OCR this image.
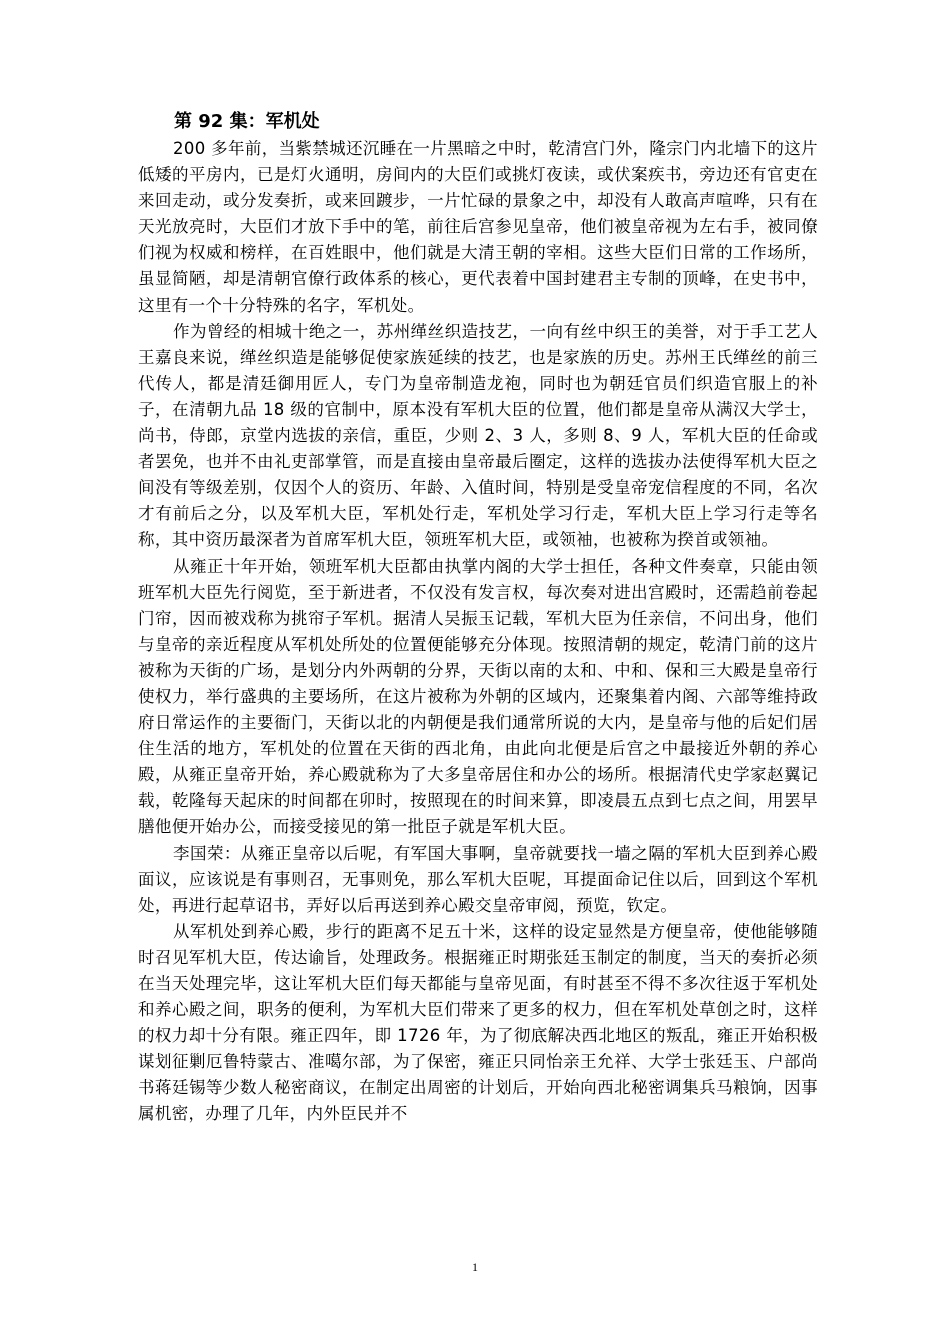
第 92 集：军机处

200 多年前，当紫禁城还沉睡在一片黑暗之中时，乾清宫门外，隆宗门内北墙下的这片低矮的平房内，已是灯火通明，房间内的大臣们或挑灯夜读，或伏案疾书，旁边还有官吏在来回走动，或分发奏折，或来回踱步，一片忙碌的景象之中，却没有人敢高声喧哗，只有在天光放亮时，大臣们才放下手中的笔，前往后宫参见皇帝，他们被皇帝视为左右手，被同僚们视为权威和榜样，在百姓眼中，他们就是大清王朝的宰相。这些大臣们日常的工作场所，虽显简陋，却是清朝官僚行政体系的核心，更代表着中国封建君主专制的顶峰，在史书中，这里有一个十分特殊的名字，军机处。

作为曾经的相城十绝之一，苏州缂丝织造技艺，一向有丝中织王的美誉，对于手工艺人王嘉良来说，缂丝织造是能够促使家族延续的技艺，也是家族的历史。苏州王氏缂丝的前三代传人，都是清廷御用匠人，专门为皇帝制造龙袍，同时也为朝廷官员们织造官服上的补子，在清朝九品 18 级的官制中，原本没有军机大臣的位置，他们都是皇帝从满汉大学士，尚书，侍郎，京堂内选拔的亲信，重臣，少则 2、3 人，多则 8、9 人，军机大臣的任命或者罢免，也并不由礼吏部掌管，而是直接由皇帝最后圈定，这样的选拔办法使得军机大臣之间没有等级差别，仅因个人的资历、年龄、入值时间，特别是受皇帝宠信程度的不同，名次才有前后之分，以及军机大臣，军机处行走，军机处学习行走，军机大臣上学习行走等名称，其中资历最深者为首席军机大臣，领班军机大臣，或领袖，也被称为揆首或领袖。

从雍正十年开始，领班军机大臣都由执掌内阁的大学士担任，各种文件奏章，只能由领班军机大臣先行阅览，至于新进者，不仅没有发言权，每次奏对进出宫殿时，还需趋前卷起门帘，因而被戏称为挑帘子军机。据清人吴振玉记载，军机大臣为任亲信，不问出身，他们与皇帝的亲近程度从军机处所处的位置便能够充分体现。按照清朝的规定，乾清门前的这片被称为天街的广场，是划分内外两朝的分界，天街以南的太和、中和、保和三大殿是皇帝行使权力，举行盛典的主要场所，在这片被称为外朝的区域内，还聚集着内阁、六部等维持政府日常运作的主要衙门，天街以北的内朝便是我们通常所说的大内，是皇帝与他的后妃们居住生活的地方，军机处的位置在天街的西北角，由此向北便是后宫之中最接近外朝的养心殿，从雍正皇帝开始，养心殿就称为了大多皇帝居住和办公的场所。根据清代史学家赵翼记载，乾隆每天起床的时间都在卯时，按照现在的时间来算，即凌晨五点到七点之间，用罢早膳他便开始办公，而接受接见的第一批臣子就是军机大臣。

李国荣：从雍正皇帝以后呢，有军国大事啊，皇帝就要找一墙之隔的军机大臣到养心殿面议，应该说是有事则召，无事则免，那么军机大臣呢，耳提面命记住以后，回到这个军机处，再进行起草诏书，弄好以后再送到养心殿交皇帝审阅，预览，钦定。

从军机处到养心殿，步行的距离不足五十米，这样的设定显然是方便皇帝，使他能够随时召见军机大臣，传达谕旨，处理政务。根据雍正时期张廷玉制定的制度，当天的奏折必须在当天处理完毕，这让军机大臣们每天都能与皇帝见面，有时甚至不得不多次往返于军机处和养心殿之间，职务的便利，为军机大臣们带来了更多的权力，但在军机处草创之时，这样的权力却十分有限。雍正四年，即 1726 年，为了彻底解决西北地区的叛乱，雍正开始积极谋划征剿厄鲁特蒙古、准噶尔部，为了保密，雍正只同怡亲王允祥、大学士张廷玉、户部尚书蒋廷锡等少数人秘密商议，在制定出周密的计划后，开始向西北秘密调集兵马粮饷，因事属机密，办理了几年，内外臣民并不

1
